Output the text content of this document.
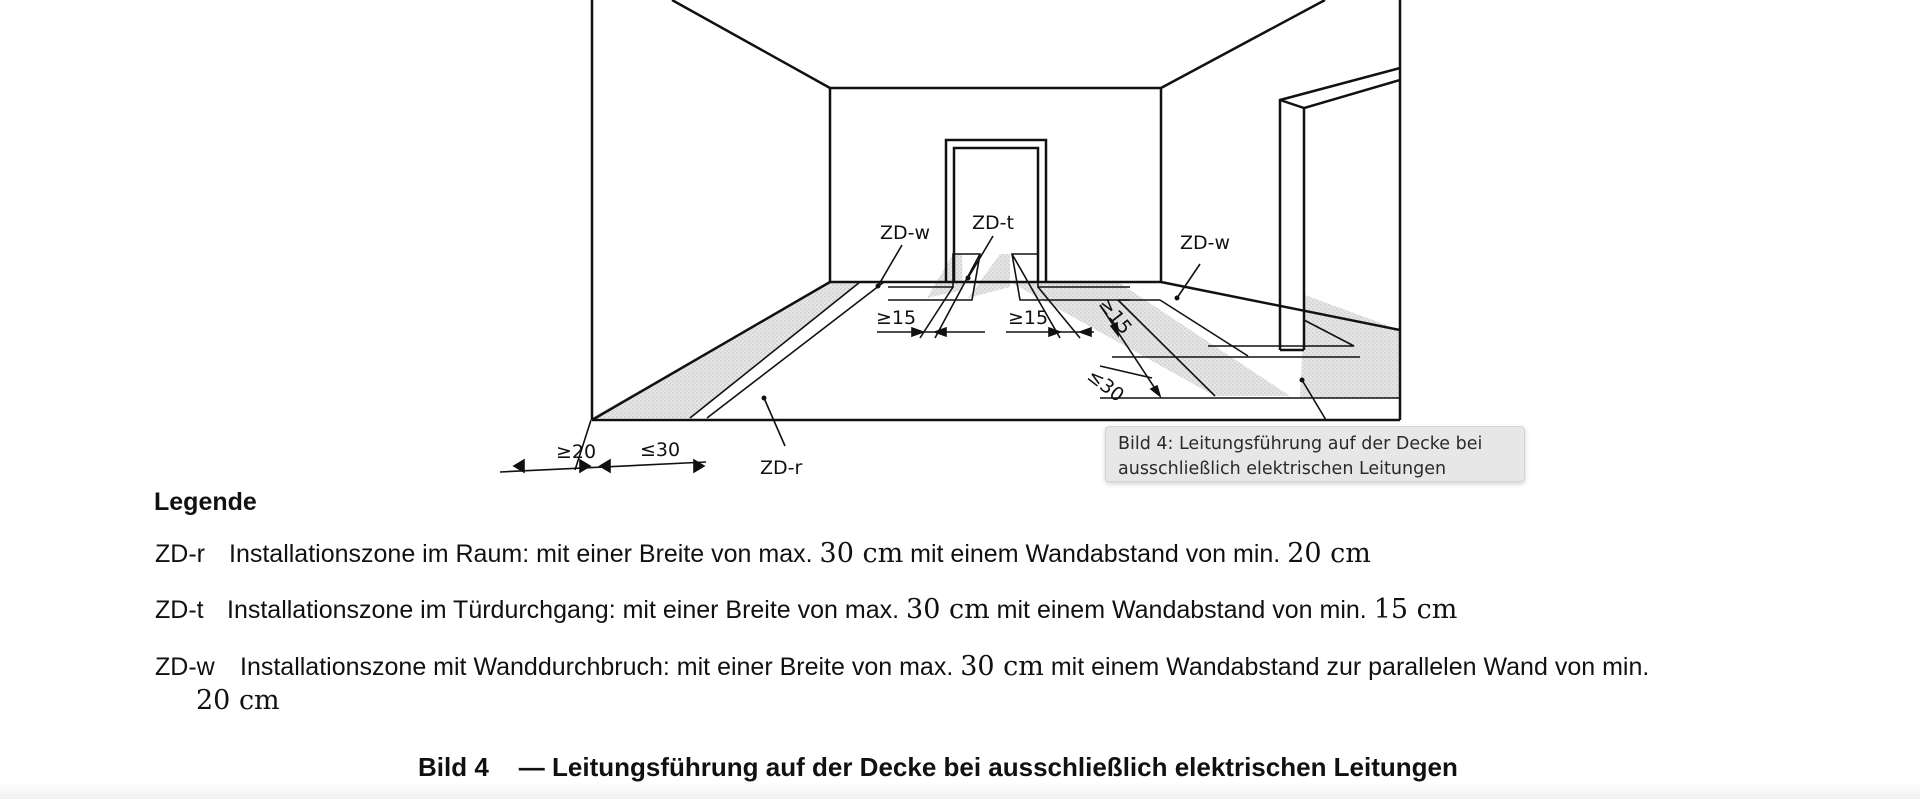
ZD-w ZD-t
ZD-w
ZD-r
≥15	≥15 ≥15
≤30
≥20 ≤30	Bild 4: Leitungsführung auf der Decke bei
ausschließlich elektrischen Leitungen
Legende
ZD-r Installationszone im Raum: mit einer Breite von max. 30 cm mit einem Wandabstand von min. 20 cm
ZD-t Installationszone im Türdurchgang: mit einer Breite von max. 30 cm mit einem Wandabstand von min. 15 cm
ZD-w Installationszone mit Wanddurchbruch: mit einer Breite von max. 30 cm mit einem Wandabstand zur parallelen Wand von min.
20 cm
Bild 4 — Leitungsführung auf der Decke bei ausschließlich elektrischen Leitungen
